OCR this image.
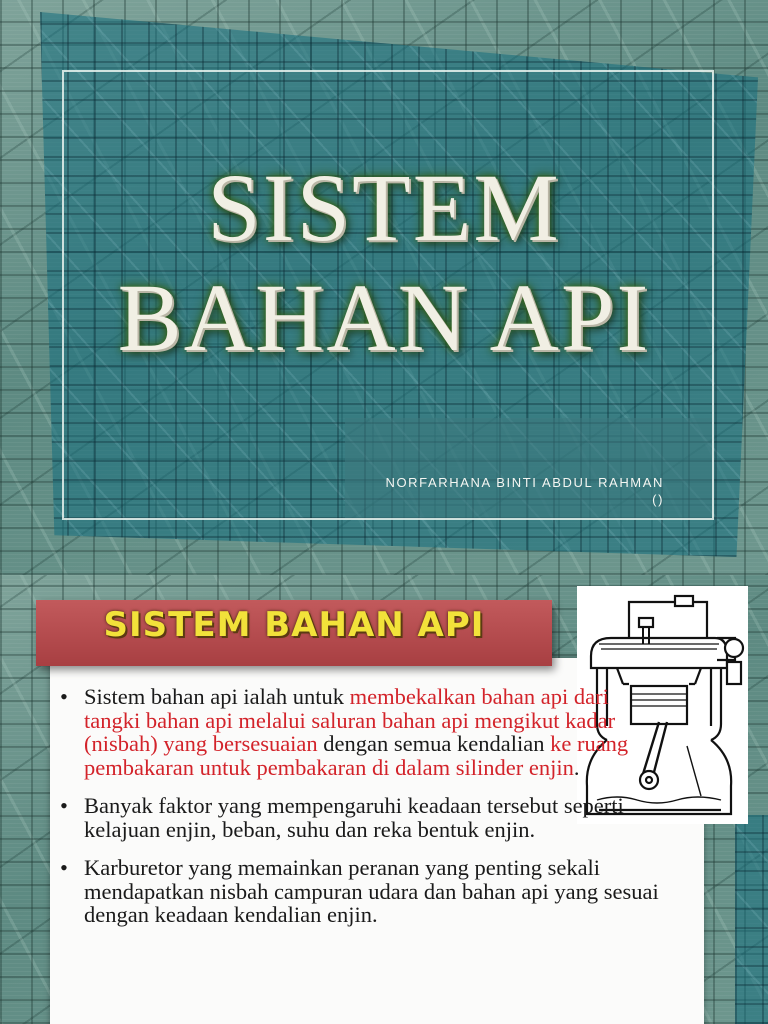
SISTEM
BAHAN API
NORFARHANA BINTI ABDUL RAHMAN
()
SISTEM BAHAN API
• Sistem bahan api ialah untuk membekalkan bahan api dari tangki bahan api melalui saluran bahan api mengikut kadar (nisbah) yang bersesuaian dengan semua kendalian ke ruang pembakaran untuk pembakaran di dalam silinder enjin.
• Banyak faktor yang mempengaruhi keadaan tersebut seperti kelajuan enjin, beban, suhu dan reka bentuk enjin.
• Karburetor yang memainkan peranan yang penting sekali mendapatkan nisbah campuran udara dan bahan api yang sesuai dengan keadaan kendalian enjin.
